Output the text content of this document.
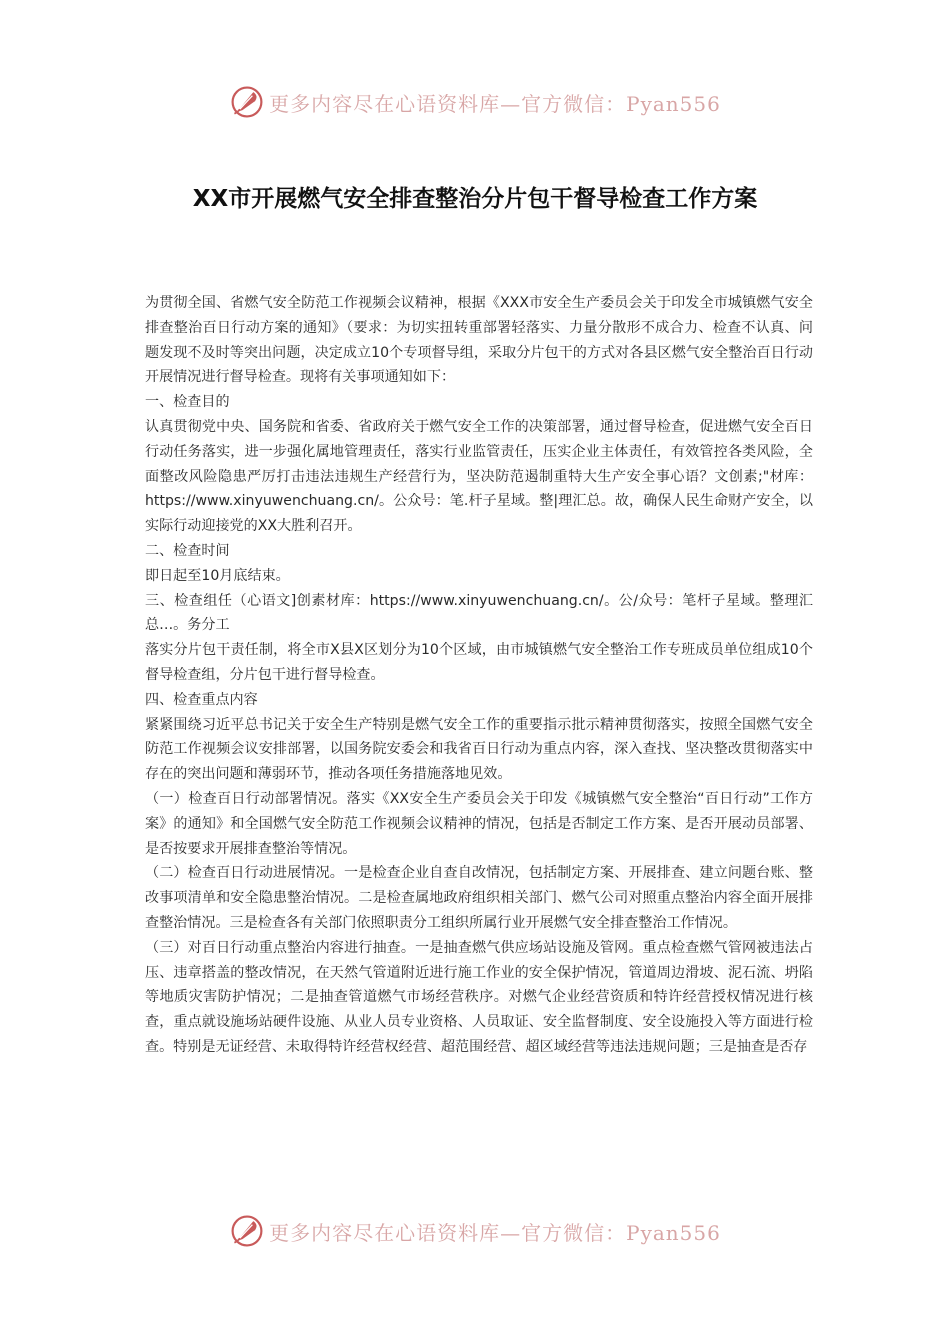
更多内容尽在心语资料库—官方微信：Pyan556
XX市开展燃气安全排查整治分片包干督导检查工作方案

为贯彻全国、省燃气安全防范工作视频会议精神，根据《XXX市安全生产委员会关于印发全市城镇燃气安全排查整治百日行动方案的通知》（要求：为切实扭转重部署轻落实、力量分散形不成合力、检查不认真、问题发现不及时等突出问题，决定成立10个专项督导组，采取分片包干的方式对各县区燃气安全整治百日行动开展情况进行督导检查。现将有关事项通知如下：

一、检查目的

认真贯彻党中央、国务院和省委、省政府关于燃气安全工作的决策部署，通过督导检查，促进燃气安全百日行动任务落实，进一步强化属地管理责任，落实行业监管责任，压实企业主体责任，有效管控各类风险，全面整改风险隐患严厉打击违法违规生产经营行为，坚决防范遏制重特大生产安全事心语？文创素;"材库：https://www.xinyuwenchuang.cn/。公众号：笔.杆子星域。整|理汇总。故，确保人民生命财产安全，以实际行动迎接党的XX大胜利召开。

二、检查时间

即日起至10月底结束。

三、检查组任（心语文]创素材库：https://www.xinyuwenchuang.cn/。公/众号：笔杆子星域。整理汇总…。务分工

落实分片包干责任制，将全市X县X区划分为10个区域，由市城镇燃气安全整治工作专班成员单位组成10个督导检查组，分片包干进行督导检查。

四、检查重点内容

紧紧围绕习近平总书记关于安全生产特别是燃气安全工作的重要指示批示精神贯彻落实，按照全国燃气安全防范工作视频会议安排部署，以国务院安委会和我省百日行动为重点内容，深入查找、坚决整改贯彻落实中存在的突出问题和薄弱环节，推动各项任务措施落地见效。

（一）检查百日行动部署情况。落实《XX安全生产委员会关于印发《城镇燃气安全整治“百日行动”工作方案》的通知》和全国燃气安全防范工作视频会议精神的情况，包括是否制定工作方案、是否开展动员部署、是否按要求开展排查整治等情况。

（二）检查百日行动进展情况。一是检查企业自查自改情况，包括制定方案、开展排查、建立问题台账、整改事项清单和安全隐患整治情况。二是检查属地政府组织相关部门、燃气公司对照重点整治内容全面开展排查整治情况。三是检查各有关部门依照职责分工组织所属行业开展燃气安全排查整治工作情况。

（三）对百日行动重点整治内容进行抽查。一是抽查燃气供应场站设施及管网。重点检查燃气管网被违法占压、违章搭盖的整改情况，在天然气管道附近进行施工作业的安全保护情况，管道周边滑坡、泥石流、坍陷等地质灾害防护情况；二是抽查管道燃气市场经营秩序。对燃气企业经营资质和特许经营授权情况进行核查，重点就设施场站硬件设施、从业人员专业资格、人员取证、安全监督制度、安全设施投入等方面进行检查。特别是无证经营、未取得特许经营权经营、超范围经营、超区域经营等违法违规问题；三是抽查是否存

更多内容尽在心语资料库—官方微信：Pyan556
